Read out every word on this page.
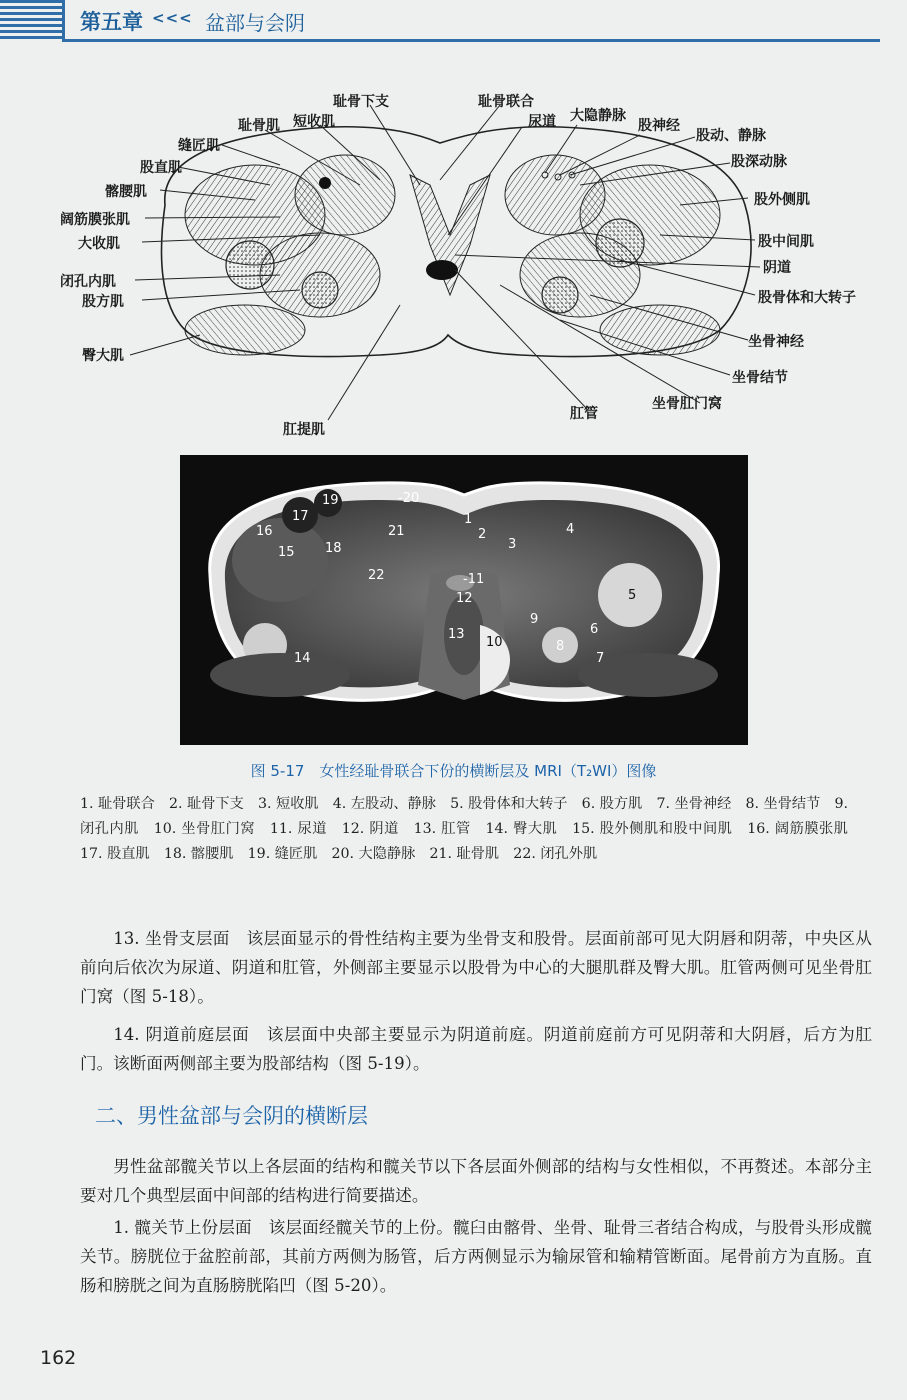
第五章 <<< 盆部与会阴
耻骨下支	耻骨联合
大隐静脉
尿道
耻骨肌 短收肌	股神经
股动、静脉
缝匠肌
股深动脉
股直肌
髂腰肌	股外侧肌
阔筋膜张肌
大收肌	股中间肌
阴道
闭孔内肌
股骨体和大转子
股方肌
坐骨神经
臀大肌
坐骨结节
坐骨肛门窝
肛管
肛提肌
19	-20
17
16	21
1
2
3
4
15 18
22	-11
12	5
9
13
10
6
8
7
14
图 5-17　女性经耻骨联合下份的横断层及 MRI（T₂WI）图像
1. 耻骨联合　2. 耻骨下支　3. 短收肌　4. 左股动、静脉　5. 股骨体和大转子　6. 股方肌　7. 坐骨神经　8. 坐骨结节　9. 闭孔内肌　10. 坐骨肛门窝　11. 尿道　12. 阴道　13. 肛管　14. 臀大肌　15. 股外侧肌和股中间肌　16. 阔筋膜张肌　17. 股直肌　18. 髂腰肌　19. 缝匠肌　20. 大隐静脉　21. 耻骨肌　22. 闭孔外肌

13. 坐骨支层面　该层面显示的骨性结构主要为坐骨支和股骨。层面前部可见大阴唇和阴蒂，中央区从前向后依次为尿道、阴道和肛管，外侧部主要显示以股骨为中心的大腿肌群及臀大肌。肛管两侧可见坐骨肛门窝（图 5-18）。

14. 阴道前庭层面　该层面中央部主要显示为阴道前庭。阴道前庭前方可见阴蒂和大阴唇，后方为肛门。该断面两侧部主要为股部结构（图 5-19）。

二、男性盆部与会阴的横断层

男性盆部髋关节以上各层面的结构和髋关节以下各层面外侧部的结构与女性相似，不再赘述。本部分主要对几个典型层面中间部的结构进行简要描述。

1. 髋关节上份层面　该层面经髋关节的上份。髋臼由髂骨、坐骨、耻骨三者结合构成，与股骨头形成髋关节。膀胱位于盆腔前部，其前方两侧为肠管，后方两侧显示为输尿管和输精管断面。尾骨前方为直肠。直肠和膀胱之间为直肠膀胱陷凹（图 5-20）。

162
